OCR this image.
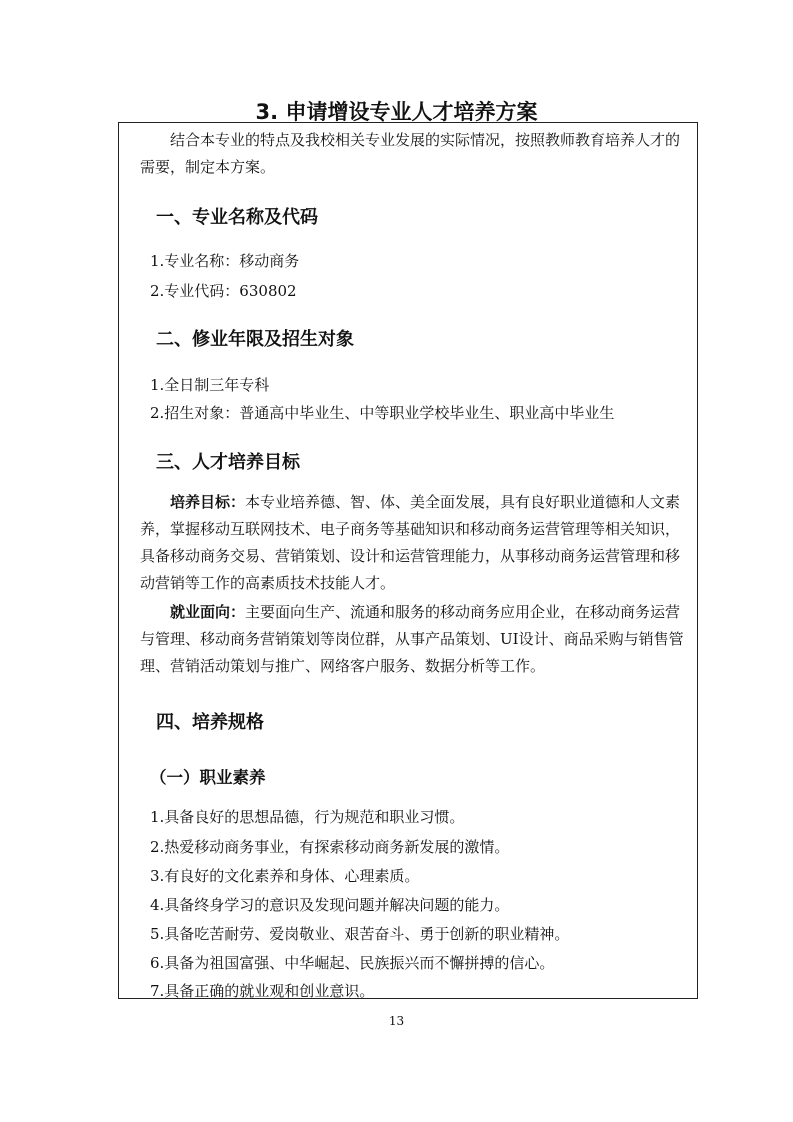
3. 申请增设专业人才培养方案
结合本专业的特点及我校相关专业发展的实际情况，按照教师教育培养人才的需要，制定本方案。
一、专业名称及代码
1.专业名称：移动商务
2.专业代码：630802
二、修业年限及招生对象
1.全日制三年专科
2.招生对象：普通高中毕业生、中等职业学校毕业生、职业高中毕业生
三、人才培养目标
培养目标：本专业培养德、智、体、美全面发展，具有良好职业道德和人文素养，掌握移动互联网技术、电子商务等基础知识和移动商务运营管理等相关知识，具备移动商务交易、营销策划、设计和运营管理能力，从事移动商务运营管理和移动营销等工作的高素质技术技能人才。
就业面向：主要面向生产、流通和服务的移动商务应用企业，在移动商务运营与管理、移动商务营销策划等岗位群，从事产品策划、UI设计、商品采购与销售管理、营销活动策划与推广、网络客户服务、数据分析等工作。
四、培养规格
（一）职业素养
1.具备良好的思想品德，行为规范和职业习惯。
2.热爱移动商务事业，有探索移动商务新发展的激情。
3.有良好的文化素养和身体、心理素质。
4.具备终身学习的意识及发现问题并解决问题的能力。
5.具备吃苦耐劳、爱岗敬业、艰苦奋斗、勇于创新的职业精神。
6.具备为祖国富强、中华崛起、民族振兴而不懈拼搏的信心。
7.具备正确的就业观和创业意识。
13
